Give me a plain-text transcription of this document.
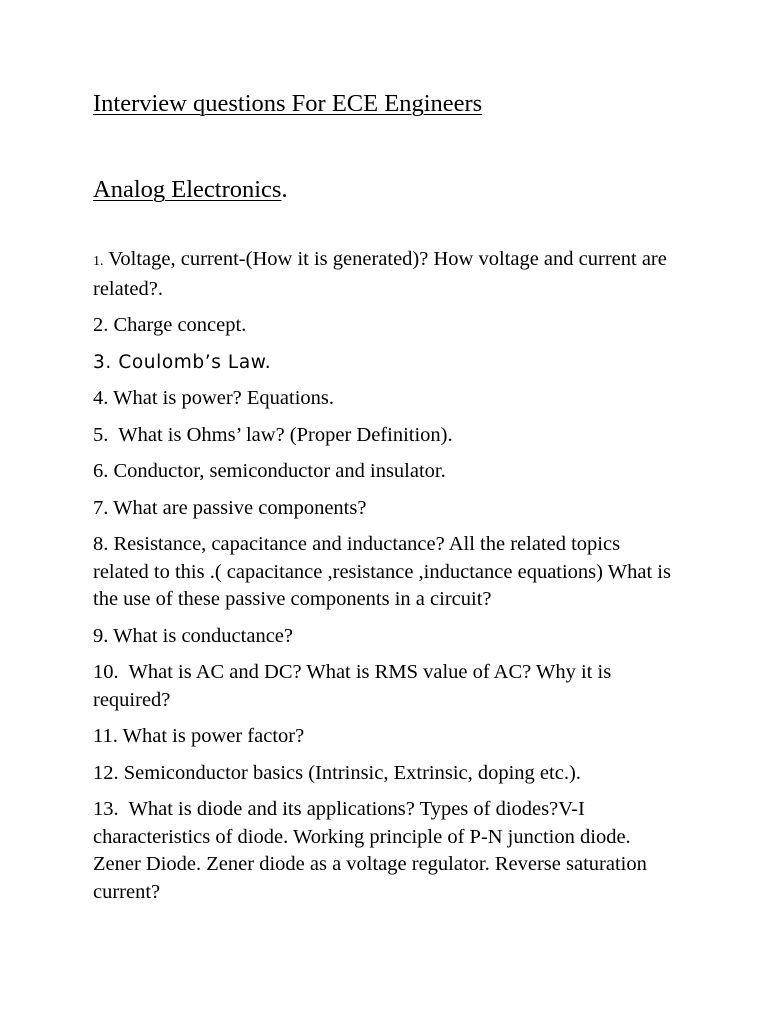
Interview questions For ECE Engineers
Analog Electronics.
1. Voltage, current-(How it is generated)? How voltage and current are related?.
2. Charge concept.
3. Coulomb’s Law.
4. What is power? Equations.
5.  What is Ohms’ law? (Proper Definition).
6. Conductor, semiconductor and insulator.
7. What are passive components?
8. Resistance, capacitance and inductance? All the related topics related to this .( capacitance ,resistance ,inductance equations) What is the use of these passive components in a circuit?
9. What is conductance?
10.  What is AC and DC? What is RMS value of AC? Why it is required?
11. What is power factor?
12. Semiconductor basics (Intrinsic, Extrinsic, doping etc.).
13.  What is diode and its applications? Types of diodes?V-I characteristics of diode. Working principle of P-N junction diode. Zener Diode. Zener diode as a voltage regulator. Reverse saturation current?
